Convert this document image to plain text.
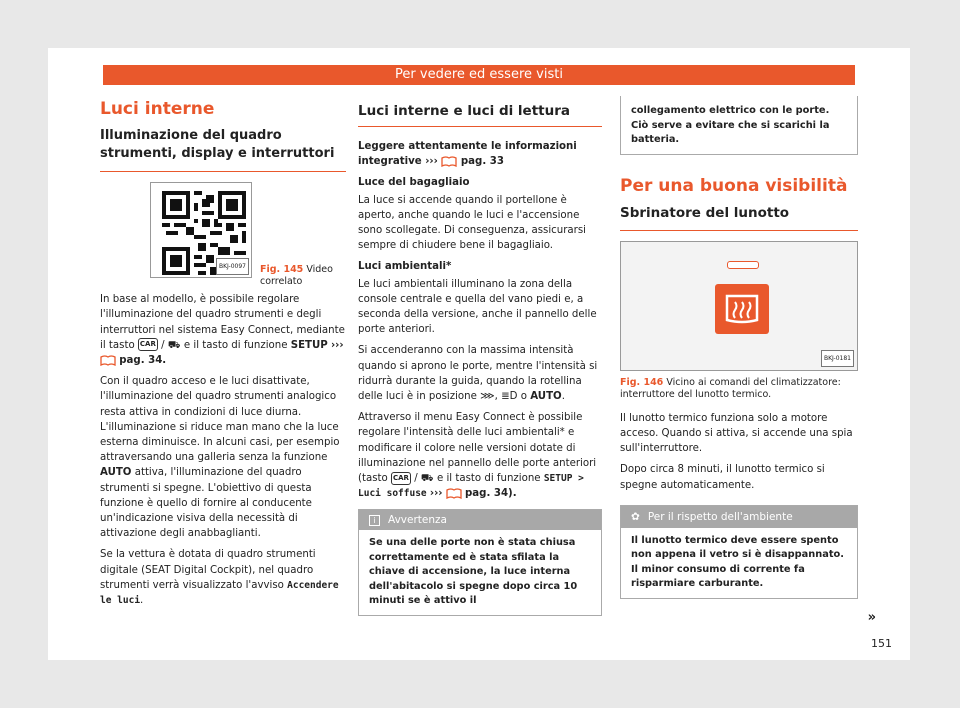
Per vedere ed essere visti
Luci interne
Illuminazione del quadro strumenti, display e interruttori
BKJ-0097	Fig. 145 Video correlato

In base al modello, è possibile regolare l'illuminazione del quadro strumenti e degli interruttori nel sistema Easy Connect, mediante il tasto CAR / ⛟ e il tasto di funzione SETUP ›››  pag. 34.

Con il quadro acceso e le luci disattivate, l'illuminazione del quadro strumenti analogico resta attiva in condizioni di luce diurna. L'illuminazione si riduce man mano che la luce esterna diminuisce. In alcuni casi, per esempio attraversando una galleria senza la funzione AUTO attiva, l'illuminazione del quadro strumenti si spegne. L'obiettivo di questa funzione è quello di fornire al conducente un'indicazione visiva della necessità di attivazione degli anabbaglianti.

Se la vettura è dotata di quadro strumenti digitale (SEAT Digital Cockpit), nel quadro strumenti verrà visualizzato l'avviso Accendere le luci.

Luci interne e luci di lettura

Leggere attentamente le informazioni integrative ››› pag. 33

Luce del bagagliaio

La luce si accende quando il portellone è aperto, anche quando le luci e l'accensione sono scollegate. Di conseguenza, assicurarsi sempre di chiudere bene il bagagliaio.

Luci ambientali*

Le luci ambientali illuminano la zona della console centrale e quella del vano piedi e, a seconda della versione, anche il pannello delle porte anteriori.

Si accenderanno con la massima intensità quando si aprono le porte, mentre l'intensità si ridurrà durante la guida, quando la rotellina delle luci è in posizione ⋙, ≣D o AUTO.

Attraverso il menu Easy Connect è possibile regolare l'intensità delle luci ambientali* e modificare il colore nelle versioni dotate di illuminazione nel pannello delle porte anteriori (tasto CAR / ⛟ e il tasto di funzione SETUP > Luci soffuse ››› pag. 34).

i Avvertenza
Se una delle porte non è stata chiusa correttamente ed è stata sfilata la chiave di accensione, la luce interna dell'abitacolo si spegne dopo circa 10 minuti se è attivo il
collegamento elettrico con le porte. Ciò serve a evitare che si scarichi la batteria.
Per una buona visibilità
Sbrinatore del lunotto
BKJ-0181
Fig. 146 Vicino ai comandi del climatizzatore: interruttore del lunotto termico.

Il lunotto termico funziona solo a motore acceso. Quando si attiva, si accende una spia sull'interruttore.

Dopo circa 8 minuti, il lunotto termico si spegne automaticamente.

✿ Per il rispetto dell'ambiente
Il lunotto termico deve essere spento non appena il vetro si è disappannato. Il minor consumo di corrente fa risparmiare carburante.
»
151
